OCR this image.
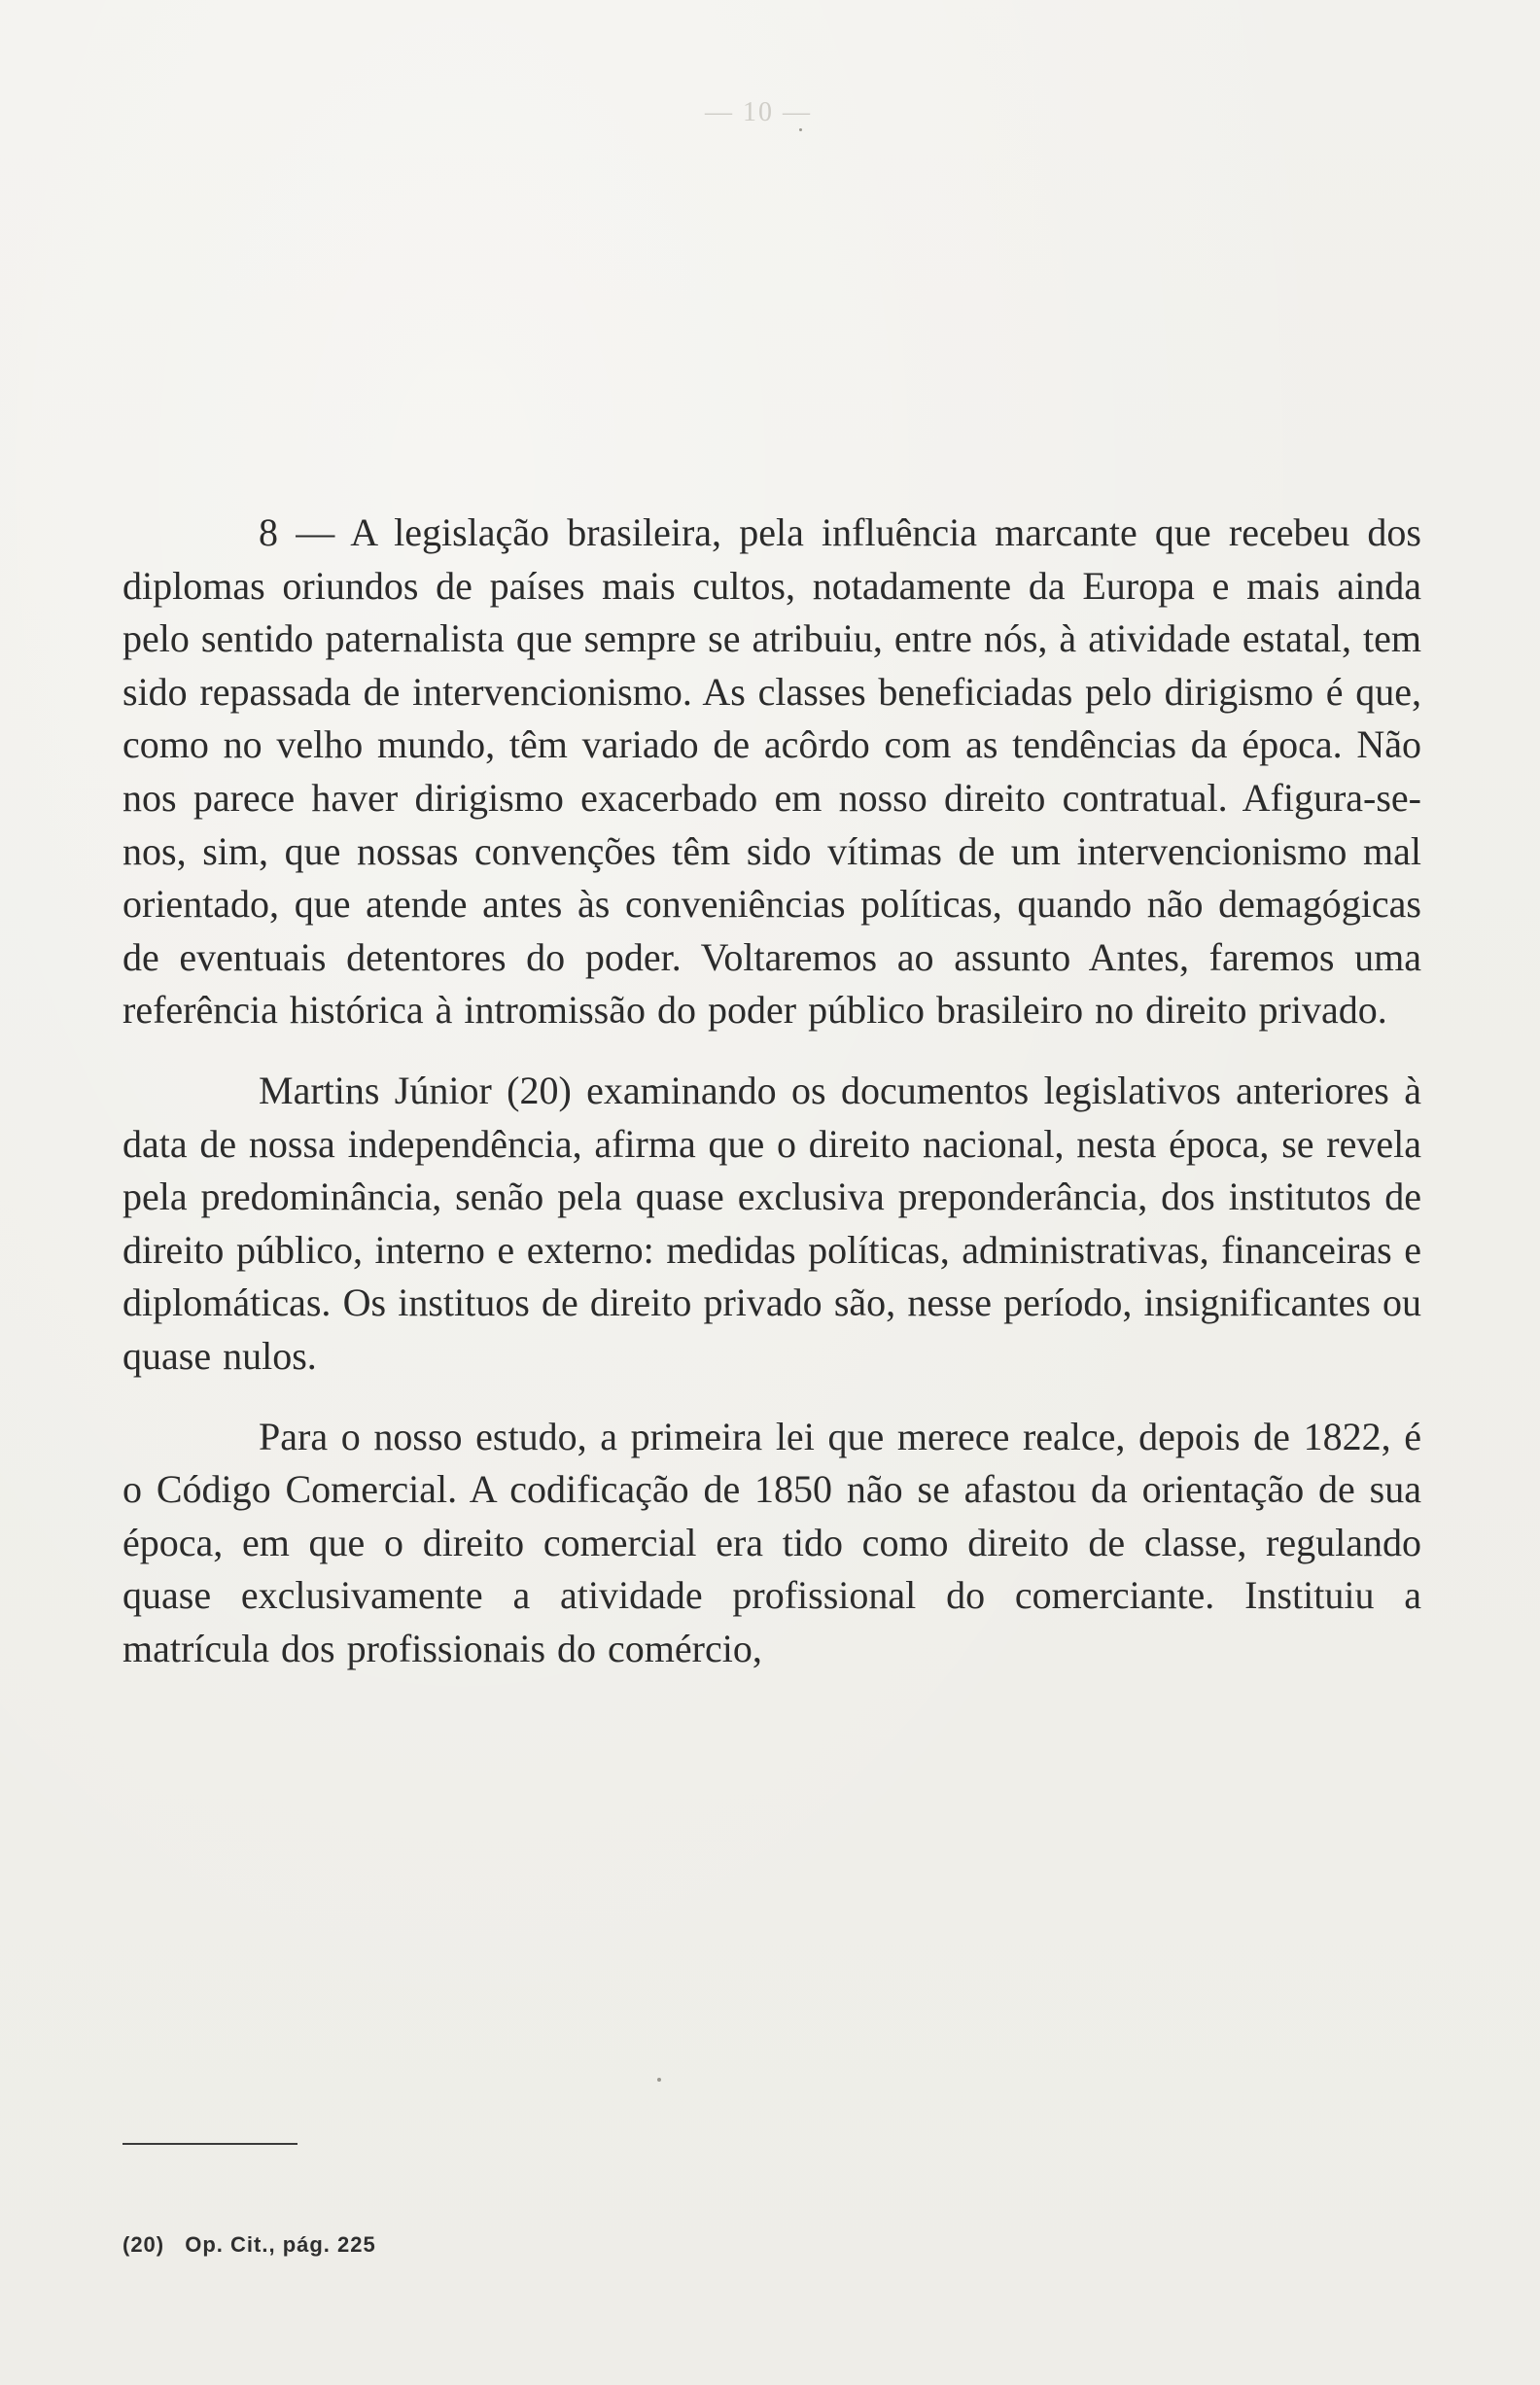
— 10 —

8 — A legislação brasileira, pela influência marcante que recebeu dos diplomas oriundos de países mais cultos, notadamente da Europa e mais ainda pelo sentido paternalista que sempre se atribuiu, entre nós, à atividade estatal, tem sido repassada de intervencionismo. As classes beneficiadas pelo dirigismo é que, como no velho mundo, têm variado de acôrdo com as tendências da época. Não nos parece haver dirigismo exacerbado em nosso direito contratual. Afigura-se-nos, sim, que nossas convenções têm sido vítimas de um intervencionismo mal orientado, que atende antes às conveniências políticas, quando não demagógicas de eventuais detentores do poder. Voltaremos ao assunto Antes, faremos uma referência histórica à intromissão do poder público brasileiro no direito privado.

Martins Júnior (20) examinando os documentos legislativos anteriores à data de nossa independência, afirma que o direito nacional, nesta época, se revela pela predominância, senão pela quase exclusiva preponderância, dos institutos de direito público, interno e externo: medidas políticas, administrativas, financeiras e diplomáticas. Os instituos de direito privado são, nesse período, insignificantes ou quase nulos.

Para o nosso estudo, a primeira lei que merece realce, depois de 1822, é o Código Comercial. A codificação de 1850 não se afastou da orientação de sua época, em que o direito comercial era tido como direito de classe, regulando quase exclusivamente a atividade profissional do comerciante. Instituiu a matrícula dos profissionais do comércio,

(20) Op. Cit., pág. 225
